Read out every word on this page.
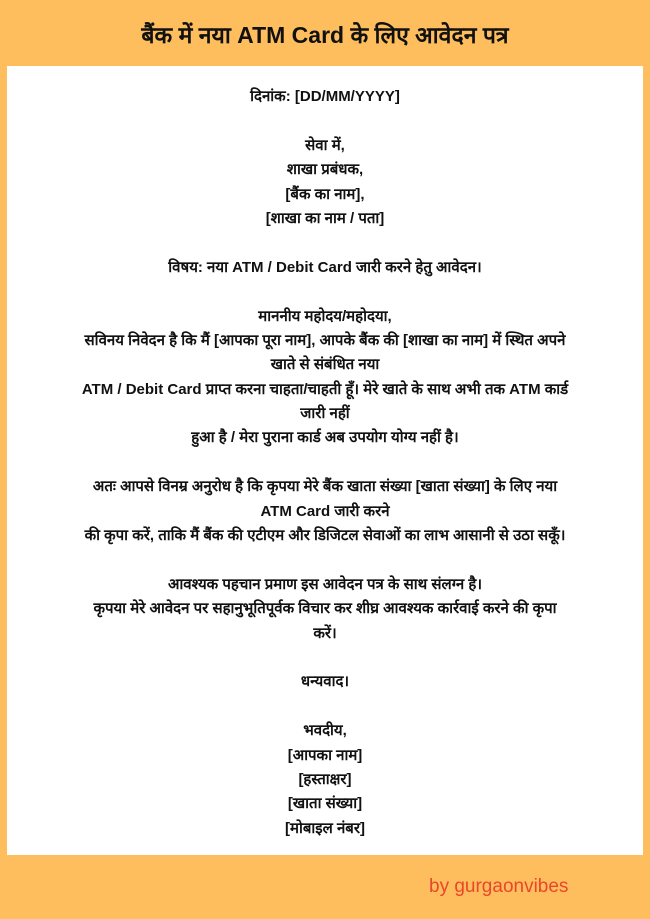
बैंक में नया ATM Card के लिए आवेदन पत्र
दिनांक: [DD/MM/YYYY]
सेवा में,
शाखा प्रबंधक,
[बैंक का नाम],
[शाखा का नाम / पता]
विषय: नया ATM / Debit Card जारी करने हेतु आवेदन।
माननीय महोदय/महोदया,
सविनय निवेदन है कि मैं [आपका पूरा नाम], आपके बैंक की [शाखा का नाम] में स्थित अपने
खाते से संबंधित नया
ATM / Debit Card प्राप्त करना चाहता/चाहती हूँ। मेरे खाते के साथ अभी तक ATM कार्ड
जारी नहीं
हुआ है / मेरा पुराना कार्ड अब उपयोग योग्य नहीं है।
अतः आपसे विनम्र अनुरोध है कि कृपया मेरे बैंक खाता संख्या [खाता संख्या] के लिए नया
ATM Card जारी करने
की कृपा करें, ताकि मैं बैंक की एटीएम और डिजिटल सेवाओं का लाभ आसानी से उठा सकूँ।
आवश्यक पहचान प्रमाण इस आवेदन पत्र के साथ संलग्न है।
कृपया मेरे आवेदन पर सहानुभूतिपूर्वक विचार कर शीघ्र आवश्यक कार्रवाई करने की कृपा
करें।
धन्यवाद।
भवदीय,
[आपका नाम]
[हस्ताक्षर]
[खाता संख्या]
[मोबाइल नंबर]
by gurgaonvibes
